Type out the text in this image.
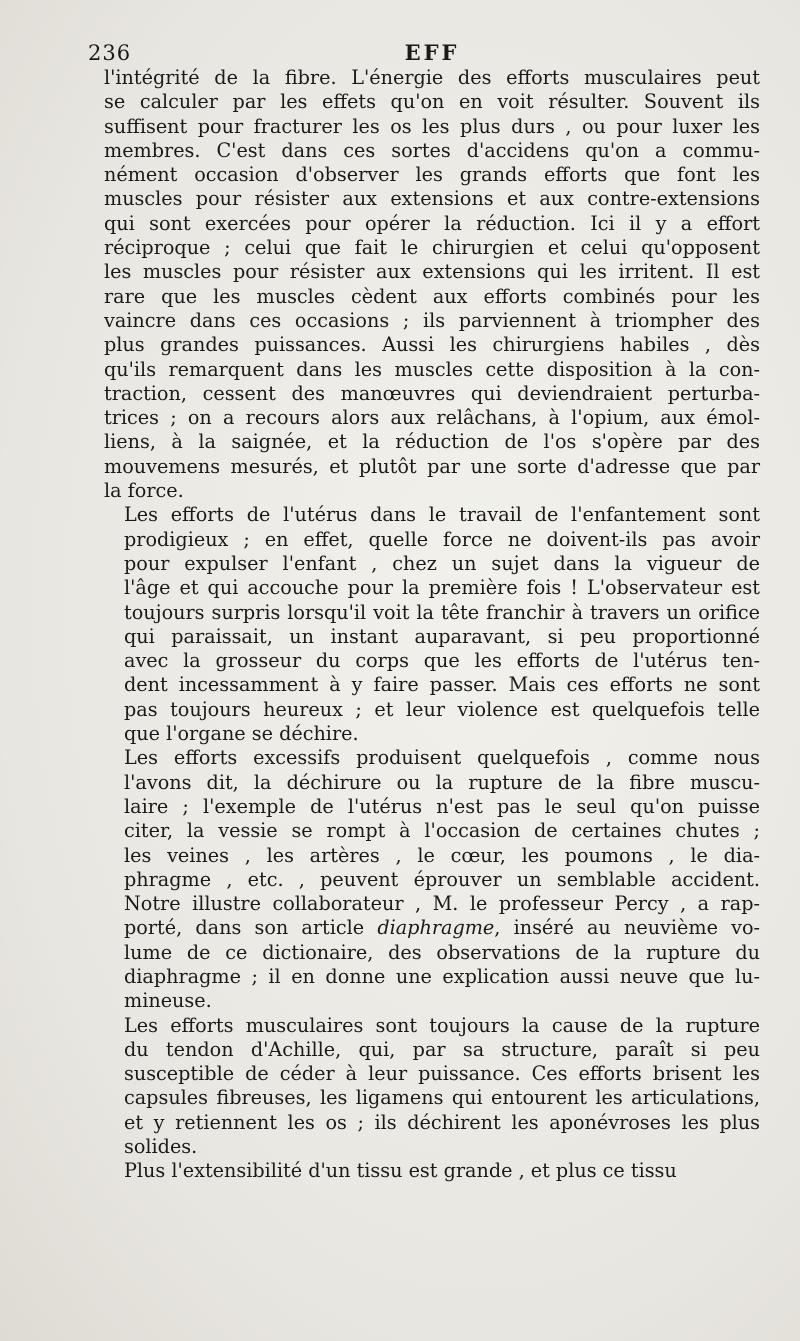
236	EFF
l'intégrité de la fibre. L'énergie des efforts musculaires peut
se calculer par les effets qu'on en voit résulter. Souvent ils
suffisent pour fracturer les os les plus durs , ou pour luxer les
membres. C'est dans ces sortes d'accidens qu'on a commu-
nément occasion d'observer les grands efforts que font les
muscles pour résister aux extensions et aux contre-extensions
qui sont exercées pour opérer la réduction. Ici il y a effort
réciproque ; celui que fait le chirurgien et celui qu'opposent
les muscles pour résister aux extensions qui les irritent. Il est
rare que les muscles cèdent aux efforts combinés pour les
vaincre dans ces occasions ; ils parviennent à triompher des
plus grandes puissances. Aussi les chirurgiens habiles , dès
qu'ils remarquent dans les muscles cette disposition à la con-
traction, cessent des manœuvres qui deviendraient perturba-
trices ; on a recours alors aux relâchans, à l'opium, aux émol-
liens, à la saignée, et la réduction de l'os s'opère par des
mouvemens mesurés, et plutôt par une sorte d'adresse que par
la force.
Les efforts de l'utérus dans le travail de l'enfantement sont
prodigieux ; en effet, quelle force ne doivent-ils pas avoir
pour expulser l'enfant , chez un sujet dans la vigueur de
l'âge et qui accouche pour la première fois ! L'observateur est
toujours surpris lorsqu'il voit la tête franchir à travers un orifice
qui paraissait, un instant auparavant, si peu proportionné
avec la grosseur du corps que les efforts de l'utérus ten-
dent incessamment à y faire passer. Mais ces efforts ne sont
pas toujours heureux ; et leur violence est quelquefois telle
que l'organe se déchire.
Les efforts excessifs produisent quelquefois , comme nous
l'avons dit, la déchirure ou la rupture de la fibre muscu-
laire ; l'exemple de l'utérus n'est pas le seul qu'on puisse
citer, la vessie se rompt à l'occasion de certaines chutes ;
les veines , les artères , le cœur, les poumons , le dia-
phragme , etc. , peuvent éprouver un semblable accident.
Notre illustre collaborateur , M. le professeur Percy , a rap-
porté, dans son article diaphragme, inséré au neuvième vo-
lume de ce dictionaire, des observations de la rupture du
diaphragme ; il en donne une explication aussi neuve que lu-
mineuse.
Les efforts musculaires sont toujours la cause de la rupture
du tendon d'Achille, qui, par sa structure, paraît si peu
susceptible de céder à leur puissance. Ces efforts brisent les
capsules fibreuses, les ligamens qui entourent les articulations,
et y retiennent les os ; ils déchirent les aponévroses les plus
solides.
Plus l'extensibilité d'un tissu est grande , et plus ce tissu
